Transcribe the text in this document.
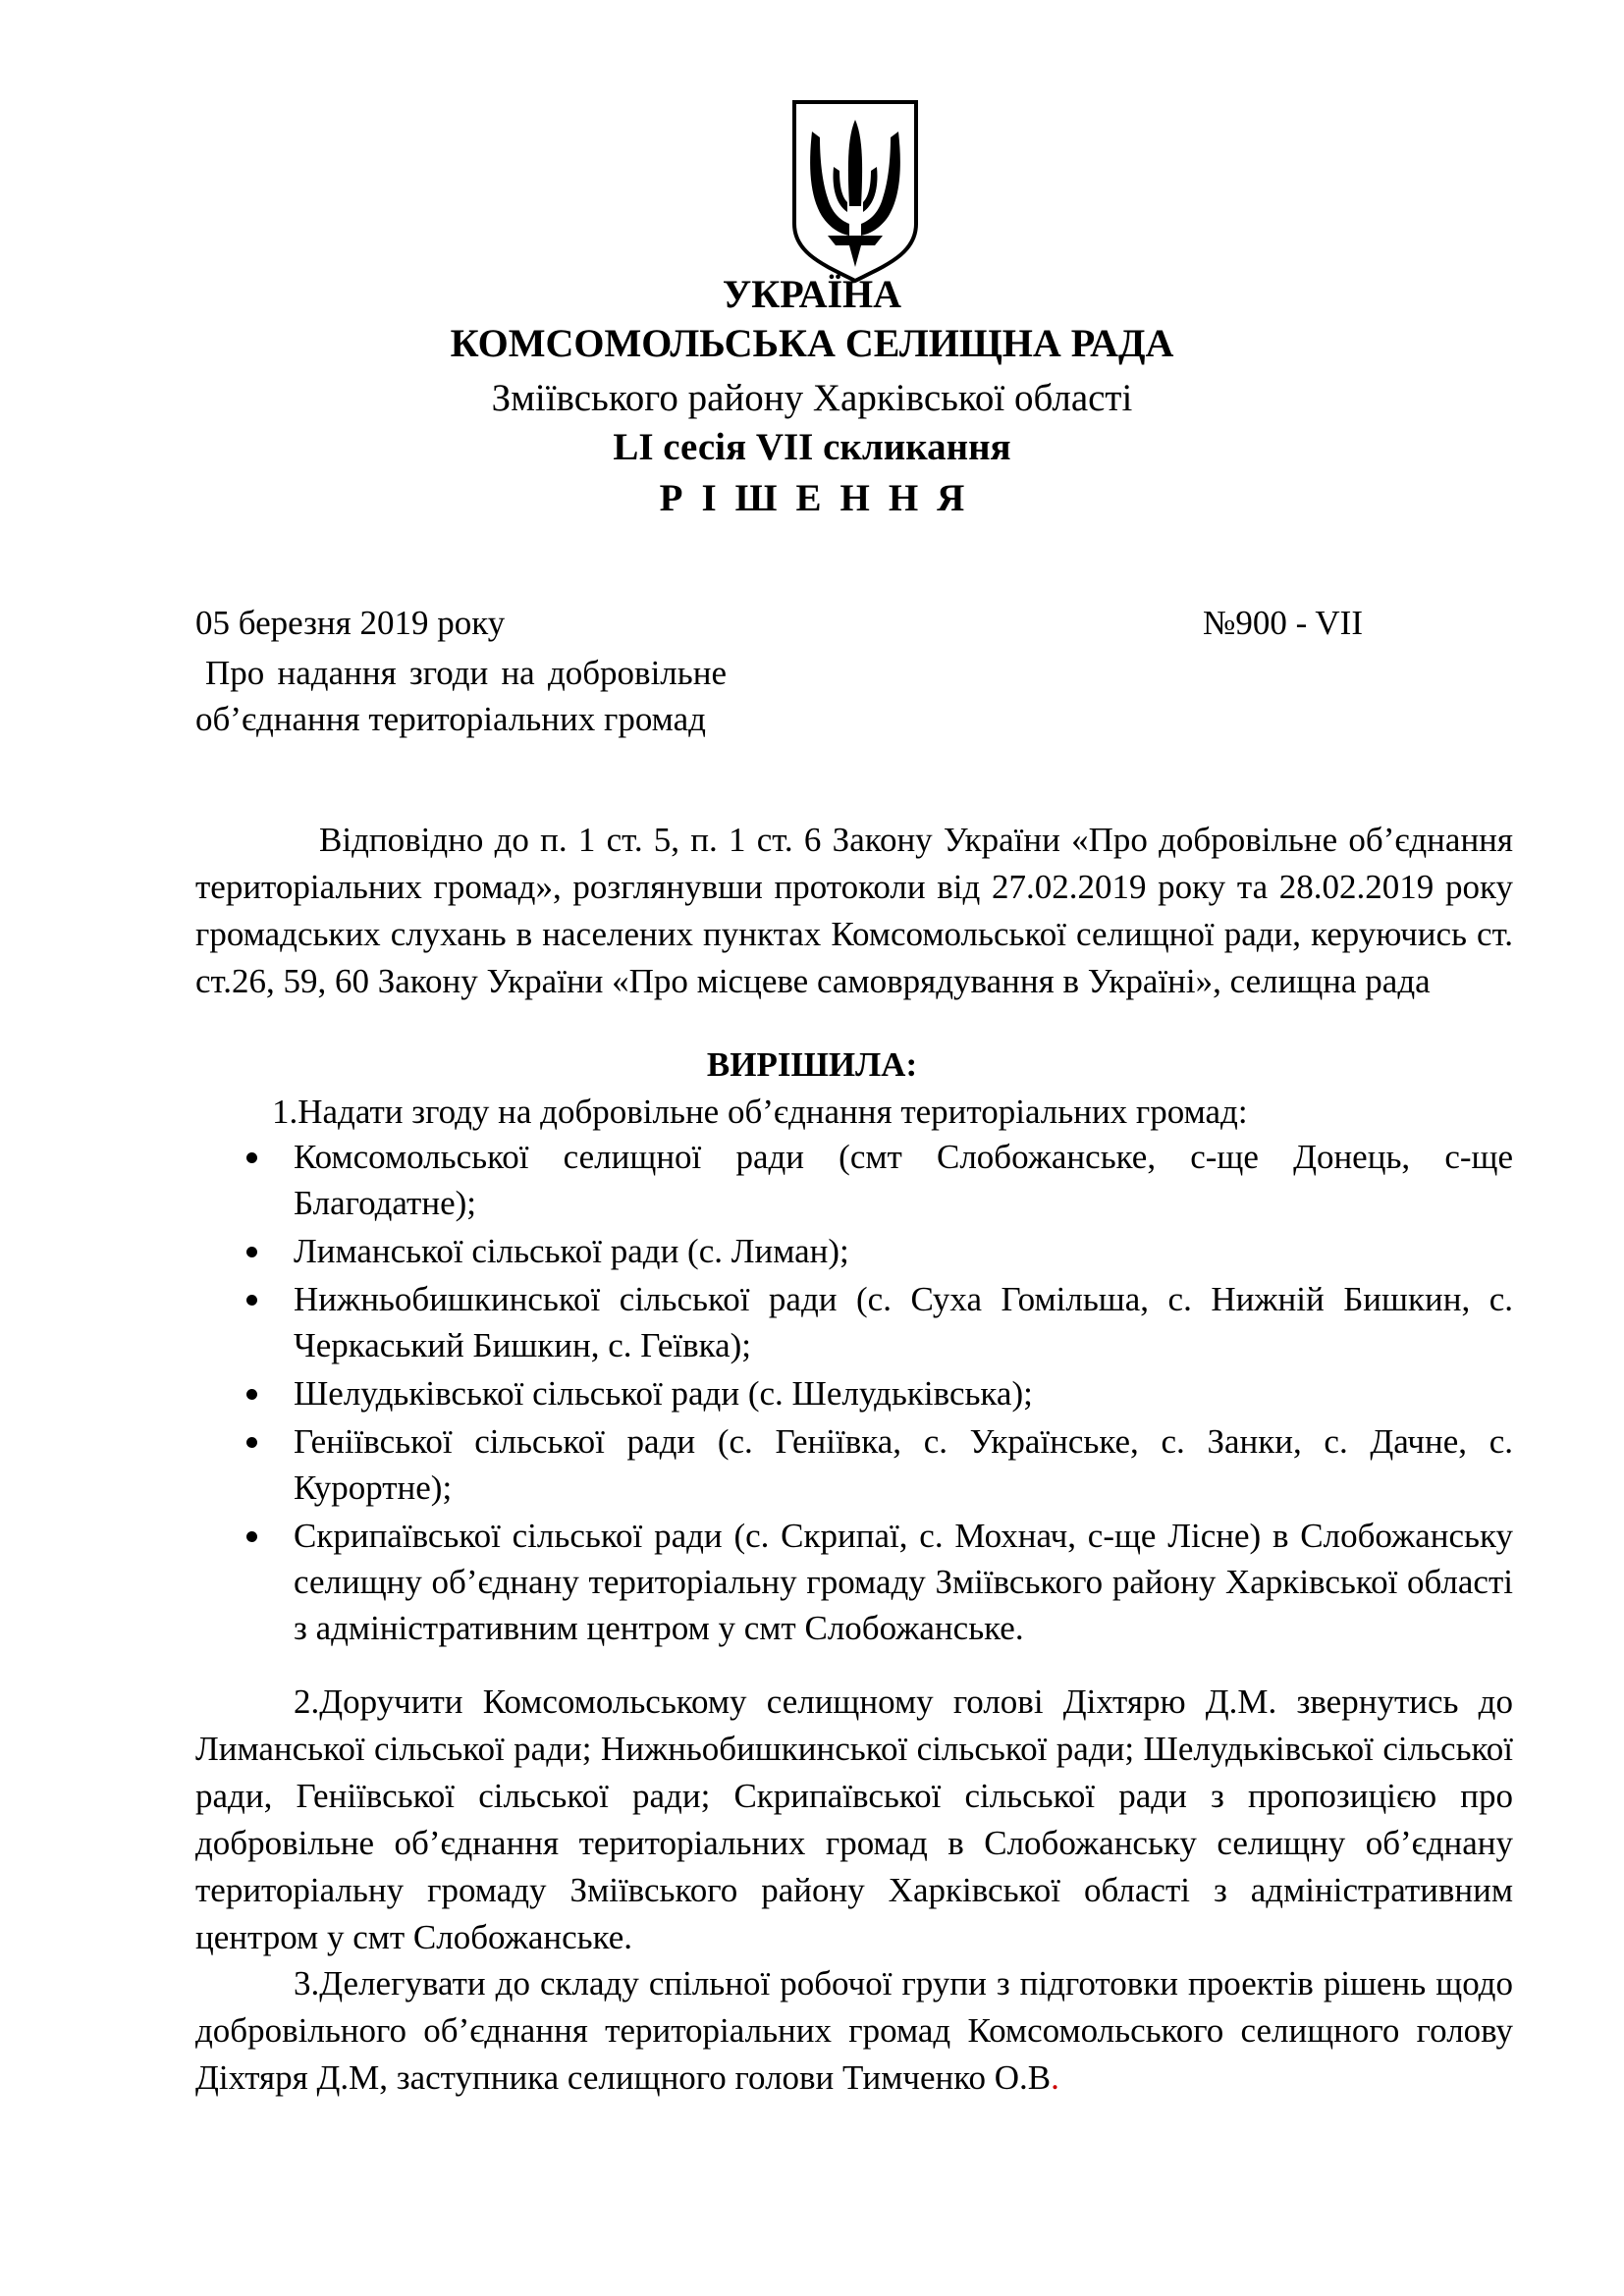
УКРАЇНА

КОМСОМОЛЬСЬКА СЕЛИЩНА РАДА

Зміївського району Харківської області

LI сесія VII скликання

РІШЕННЯ

05 березня 2019 року	№900 - VII

Про надання згоди на добровільне об’єднання територіальних громад

Відповідно до п. 1 ст. 5, п. 1 ст. 6 Закону України «Про добровільне об’єднання територіальних громад», розглянувши протоколи від 27.02.2019 року та 28.02.2019 року громадських слухань в населених пунктах Комсомольської селищної ради, керуючись ст. ст.26, 59, 60 Закону України «Про місцеве самоврядування в Україні», селищна рада

ВИРІШИЛА:

1.Надати згоду на добровільне об’єднання територіальних громад:

Комсомольської селищної ради (смт Слобожанське, с-ще Донець, с-ще Благодатне);
Лиманської сільської ради (с. Лиман);
Нижньобишкинської сільської ради (с. Суха Гомільша, с. Нижній Бишкин, с. Черкаський Бишкин, с. Геївка);
Шелудьківської сільської ради (с. Шелудьківська);
Геніївської сільської ради (с. Геніївка, с. Українське, с. Занки, с. Дачне, с. Курортне);
Скрипаївської сільської ради (с. Скрипаї, с. Мохнач, с-ще Лісне) в Слобожанську селищну об’єднану територіальну громаду Зміївського району Харківської області з адміністративним центром у смт Слобожанське.

2.Доручити Комсомольському селищному голові Діхтярю Д.М. звернутись до Лиманської сільської ради; Нижньобишкинської сільської ради; Шелудьківської сільської ради, Геніївської сільської ради; Скрипаївської сільської ради з пропозицією про добровільне об’єднання територіальних громад в Слобожанську селищну об’єднану територіальну громаду Зміївського району Харківської області з адміністративним центром у смт Слобожанське.

3.Делегувати до складу спільної робочої групи з підготовки проектів рішень щодо добровільного об’єднання територіальних громад Комсомольського селищного голову Діхтяря Д.М, заступника селищного голови Тимченко О.В.
